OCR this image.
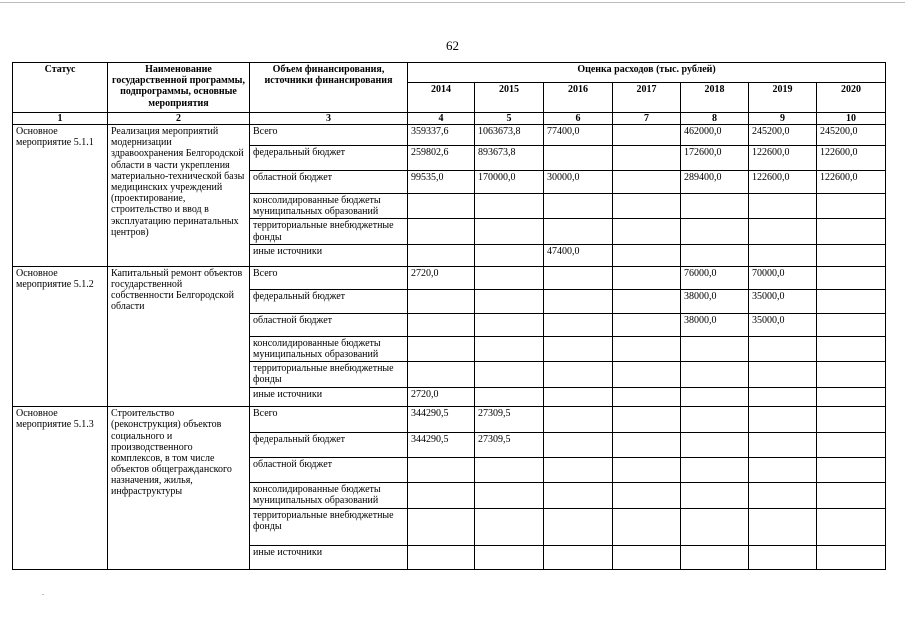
62
Статус	Наименование государственной программы, подпрограммы, основные мероприятия	Объем финансирования, источники финансирования	Оценка расходов (тыс. рублей)						
			2014	2015	2016	2017	2018	2019	2020
1	2	3	4	5	6	7	8	9	10
Основное мероприятие 5.1.1	Реализация мероприятий модернизации здравоохранения Белгородской области в части укрепления материально-технической базы медицинских учреждений (проектирование, строительство и ввод в эксплуатацию перинатальных центров)	Всего	359337,6	1063673,8	77400,0		462000,0	245200,0	245200,0
		федеральный бюджет	259802,6	893673,8			172600,0	122600,0	122600,0
		областной бюджет	99535,0	170000,0	30000,0		289400,0	122600,0	122600,0
		консолидированные бюджеты муниципальных образований							
		территориальные внебюджетные фонды							
		иные источники			47400,0				
Основное мероприятие 5.1.2	Капитальный ремонт объектов государственной собственности Белгородской области	Всего	2720,0				76000,0	70000,0	
		федеральный бюджет					38000,0	35000,0	
		областной бюджет					38000,0	35000,0	
		консолидированные бюджеты муниципальных образований							
		территориальные внебюджетные фонды							
		иные источники	2720,0						
Основное мероприятие 5.1.3	Строительство (реконструкция) объектов социального и производственного комплексов, в том числе объектов общегражданского назначения, жилья, инфраструктуры	Всего	344290,5	27309,5					
		федеральный бюджет	344290,5	27309,5					
		областной бюджет							
		консолидированные бюджеты муниципальных образований							
		территориальные внебюджетные фонды							
		иные источники							
.
